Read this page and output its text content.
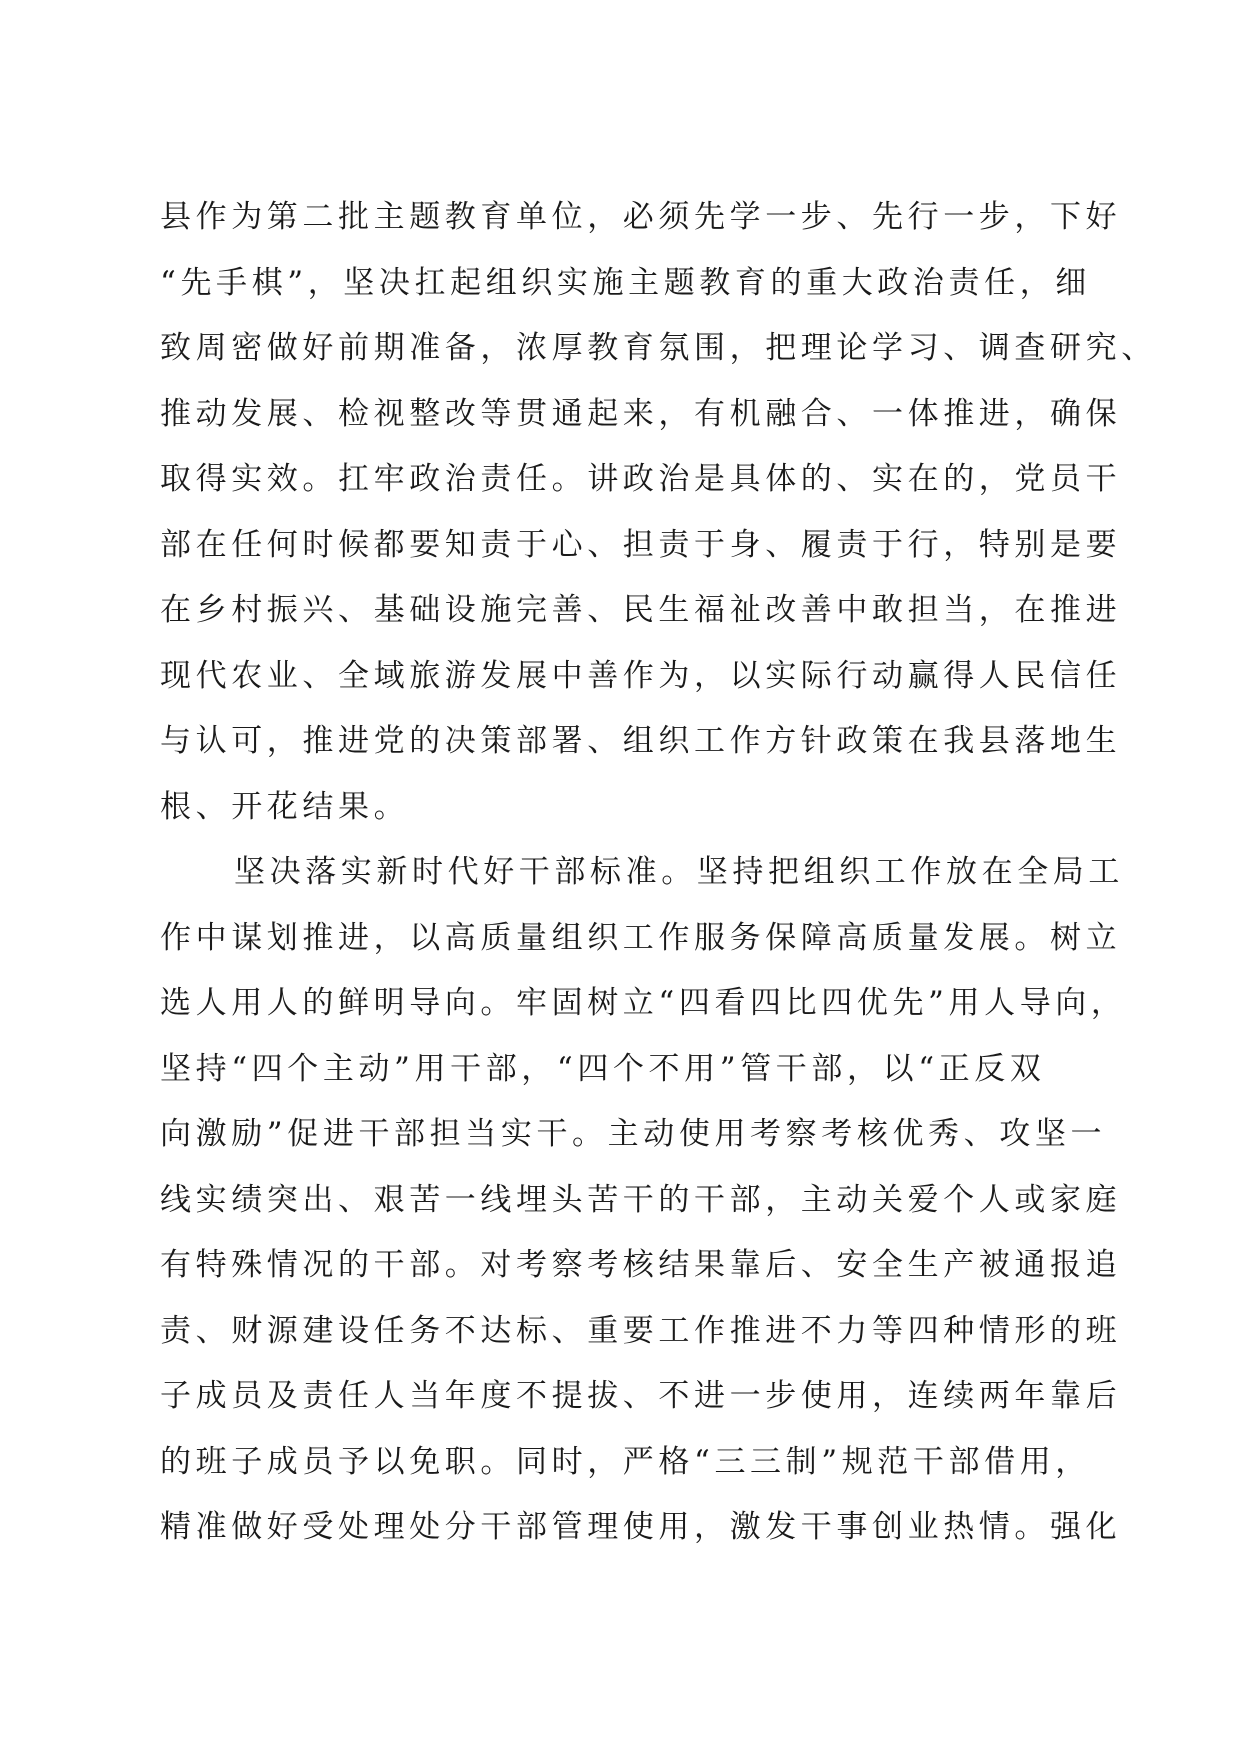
县作为第二批主题教育单位，必须先学一步、先行一步，下好
“先手棋”，坚决扛起组织实施主题教育的重大政治责任，细
致周密做好前期准备，浓厚教育氛围，把理论学习、调查研究、
推动发展、检视整改等贯通起来，有机融合、一体推进，确保
取得实效。扛牢政治责任。讲政治是具体的、实在的，党员干
部在任何时候都要知责于心、担责于身、履责于行，特别是要
在乡村振兴、基础设施完善、民生福祉改善中敢担当，在推进
现代农业、全域旅游发展中善作为，以实际行动赢得人民信任
与认可，推进党的决策部署、组织工作方针政策在我县落地生
根、开花结果。
坚决落实新时代好干部标准。坚持把组织工作放在全局工
作中谋划推进，以高质量组织工作服务保障高质量发展。树立
选人用人的鲜明导向。牢固树立“四看四比四优先”用人导向，
坚持“四个主动”用干部，“四个不用”管干部，以“正反双
向激励”促进干部担当实干。主动使用考察考核优秀、攻坚一
线实绩突出、艰苦一线埋头苦干的干部，主动关爱个人或家庭
有特殊情况的干部。对考察考核结果靠后、安全生产被通报追
责、财源建设任务不达标、重要工作推进不力等四种情形的班
子成员及责任人当年度不提拔、不进一步使用，连续两年靠后
的班子成员予以免职。同时，严格“三三制”规范干部借用，
精准做好受处理处分干部管理使用，激发干事创业热情。强化
